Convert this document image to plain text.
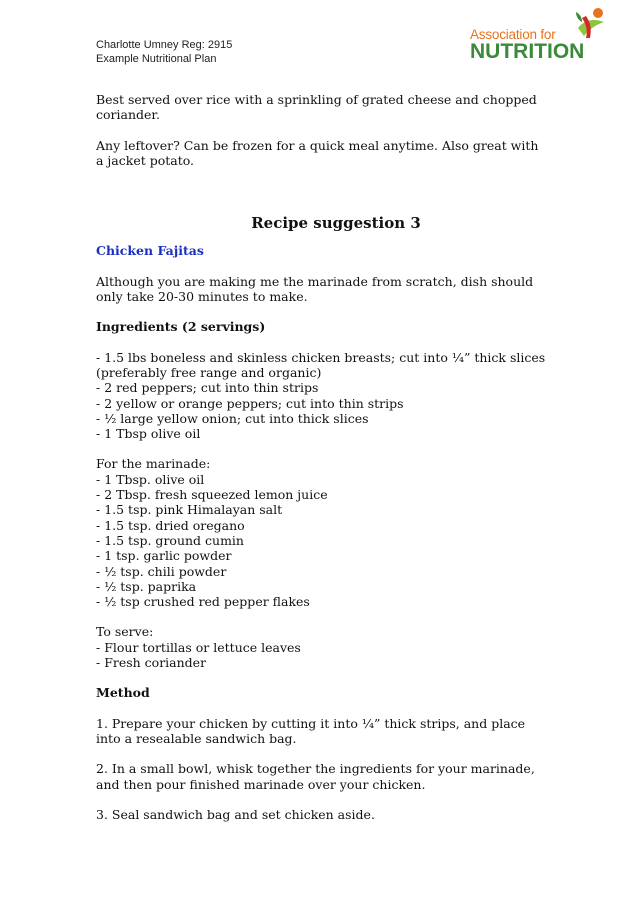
Charlotte Umney Reg: 2915
Example Nutritional Plan
Association for
NUTRITION

Best served over rice with a sprinkling of grated cheese and chopped coriander.

Any leftover? Can be frozen for a quick meal anytime. Also great with a jacket potato.

Recipe suggestion 3

Chicken Fajitas

Although you are making me the marinade from scratch, dish should only take 20-30 minutes to make.

Ingredients (2 servings)

- 1.5 lbs boneless and skinless chicken breasts; cut into ¼” thick slices (preferably free range and organic)

- 2 red peppers; cut into thin strips

- 2 yellow or orange peppers; cut into thin strips

- ½ large yellow onion; cut into thick slices

- 1 Tbsp olive oil

For the marinade:

- 1 Tbsp. olive oil

- 2 Tbsp. fresh squeezed lemon juice

- 1.5 tsp. pink Himalayan salt

- 1.5 tsp. dried oregano

- 1.5 tsp. ground cumin

- 1 tsp. garlic powder

- ½ tsp. chili powder

- ½ tsp. paprika

- ½ tsp crushed red pepper flakes

To serve:

- Flour tortillas or lettuce leaves

- Fresh coriander

Method

1. Prepare your chicken by cutting it into ¼” thick strips, and place into a resealable sandwich bag.

2. In a small bowl, whisk together the ingredients for your marinade, and then pour finished marinade over your chicken.

3. Seal sandwich bag and set chicken aside.
